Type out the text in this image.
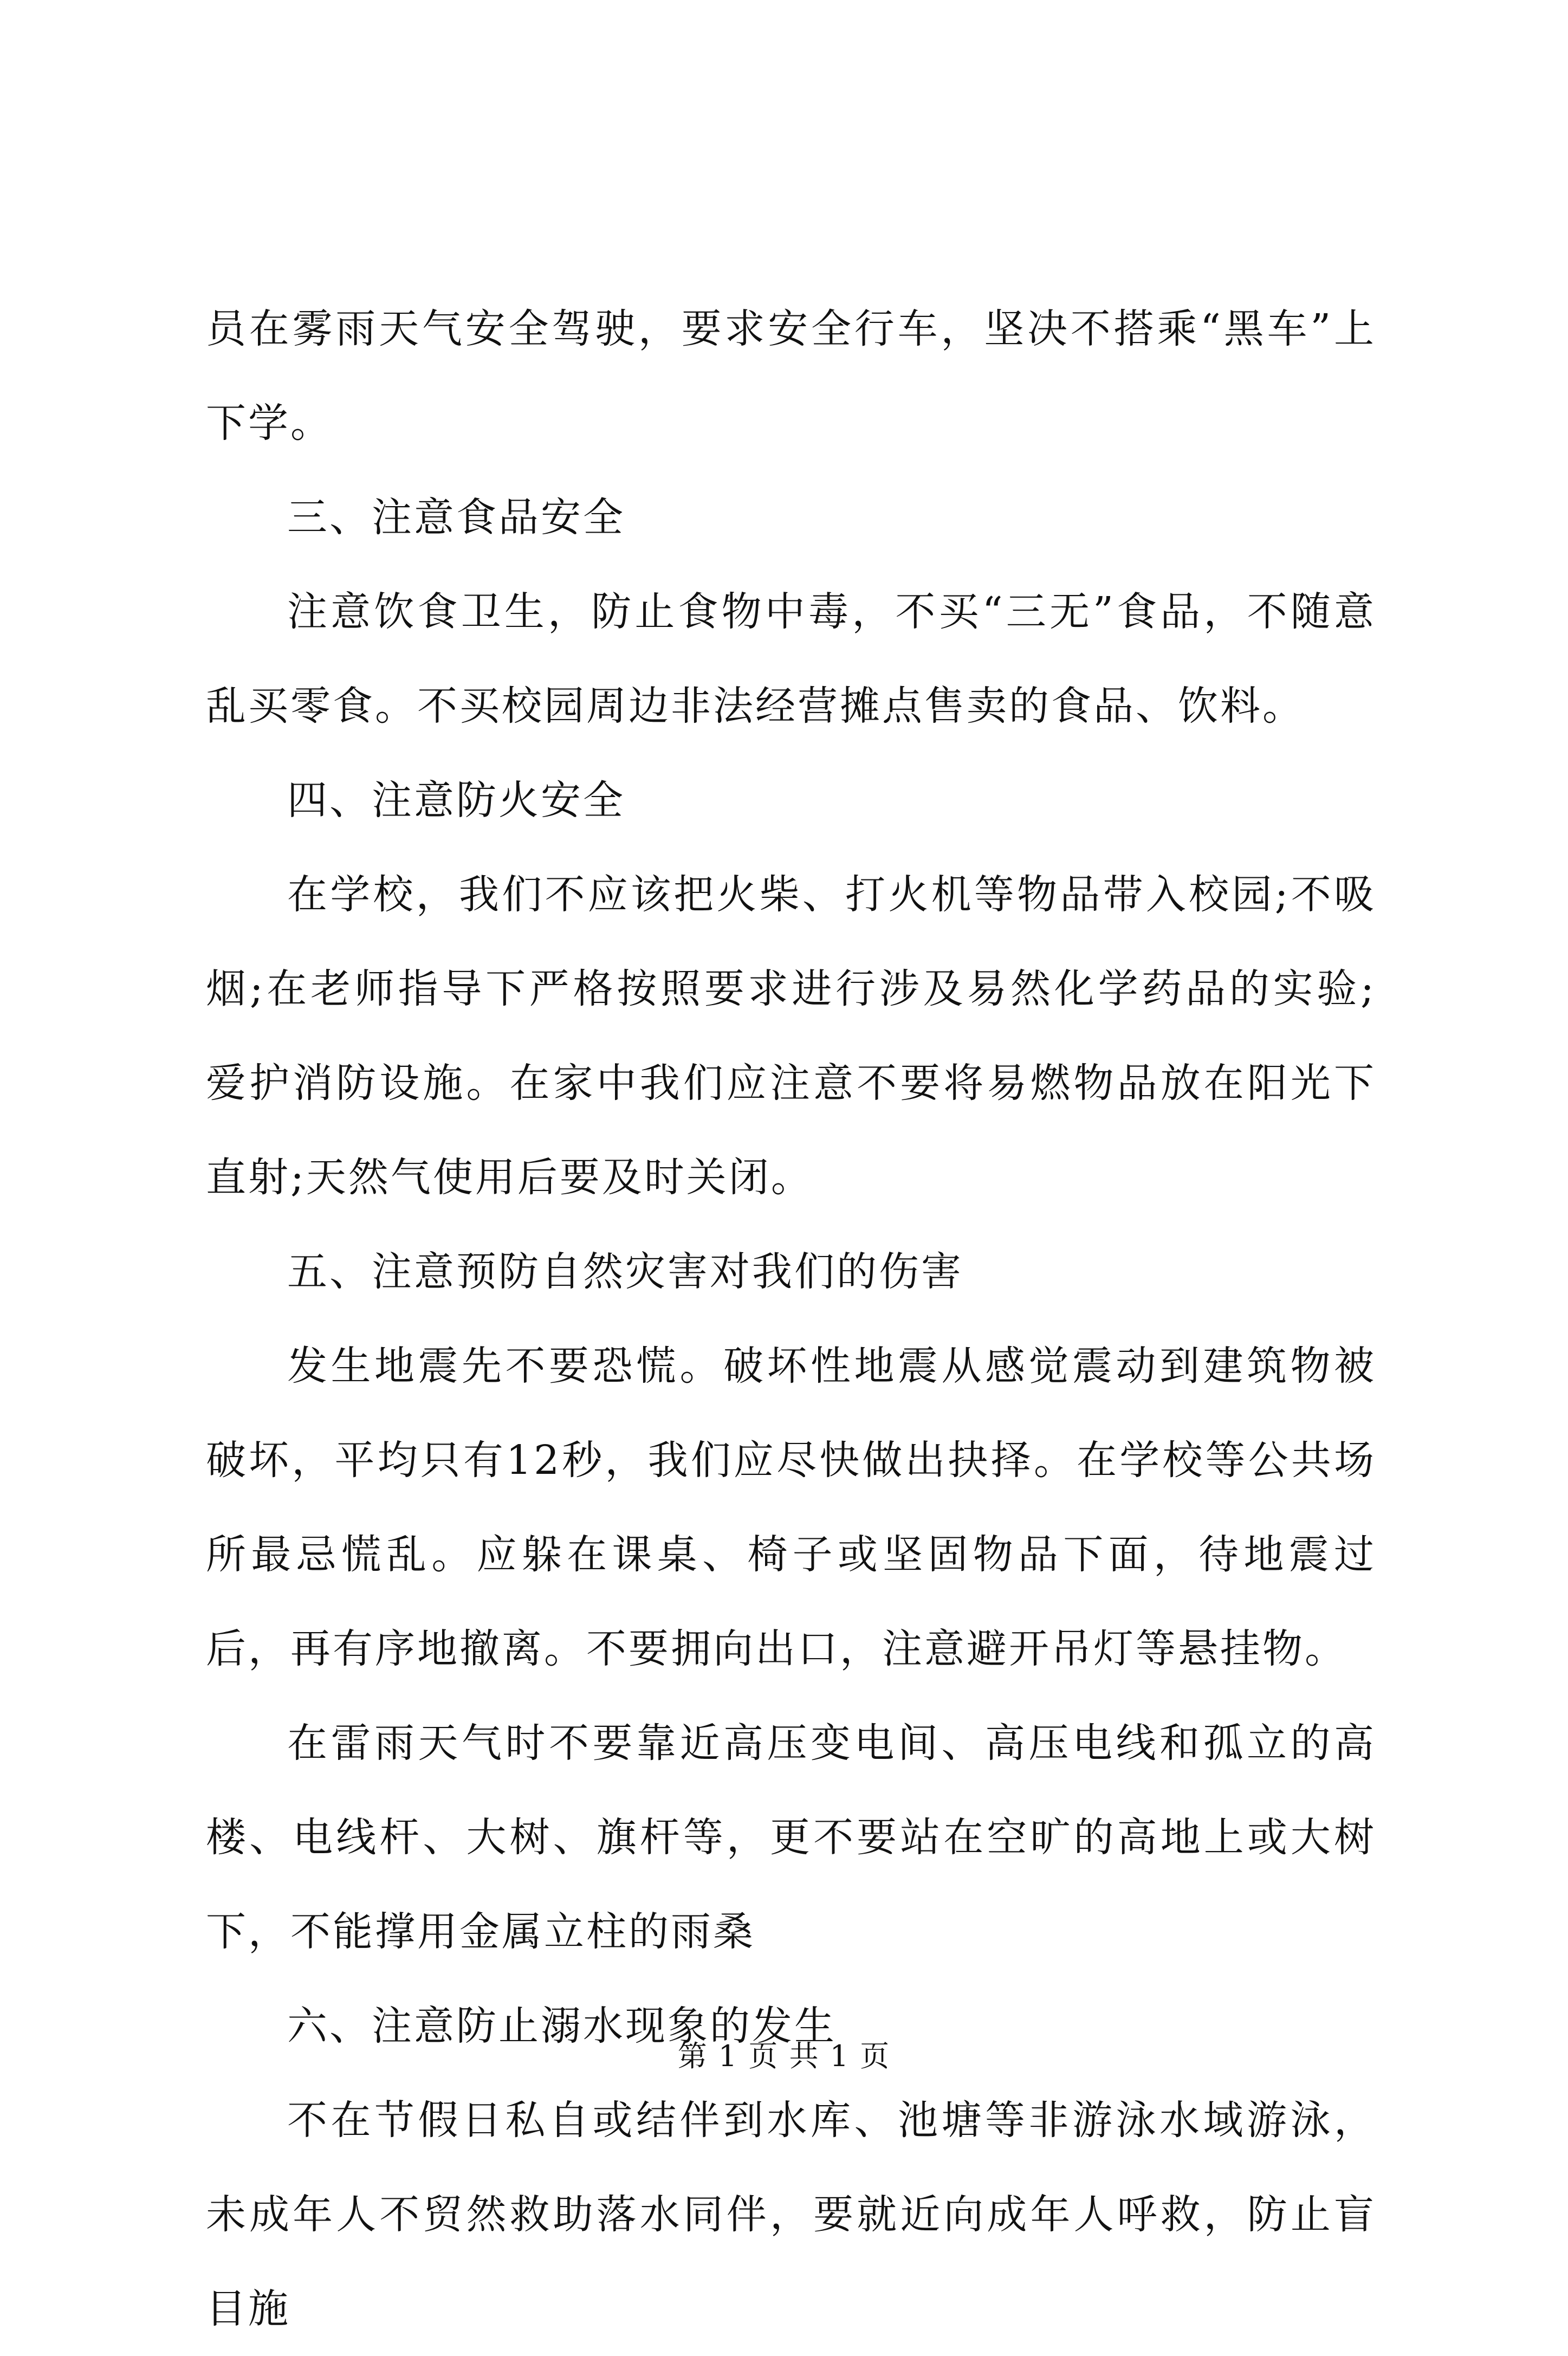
员在雾雨天气安全驾驶，要求安全行车，坚决不搭乘“黑车”上下学。

三、注意食品安全

注意饮食卫生，防止食物中毒，不买“三无”食品，不随意乱买零食。不买校园周边非法经营摊点售卖的食品、饮料。

四、注意防火安全

在学校，我们不应该把火柴、打火机等物品带入校园;不吸烟;在老师指导下严格按照要求进行涉及易然化学药品的实验;爱护消防设施。在家中我们应注意不要将易燃物品放在阳光下直射;天然气使用后要及时关闭。

五、注意预防自然灾害对我们的伤害

发生地震先不要恐慌。破坏性地震从感觉震动到建筑物被破坏，平均只有12秒，我们应尽快做出抉择。在学校等公共场所最忌慌乱。应躲在课桌、椅子或坚固物品下面，待地震过后，再有序地撤离。不要拥向出口，注意避开吊灯等悬挂物。

在雷雨天气时不要靠近高压变电间、高压电线和孤立的高楼、电线杆、大树、旗杆等，更不要站在空旷的高地上或大树下，不能撑用金属立柱的雨桑

六、注意防止溺水现象的发生

不在节假日私自或结伴到水库、池塘等非游泳水域游泳，未成年人不贸然救助落水同伴，要就近向成年人呼救，防止盲目施

第 1 页 共 1 页
